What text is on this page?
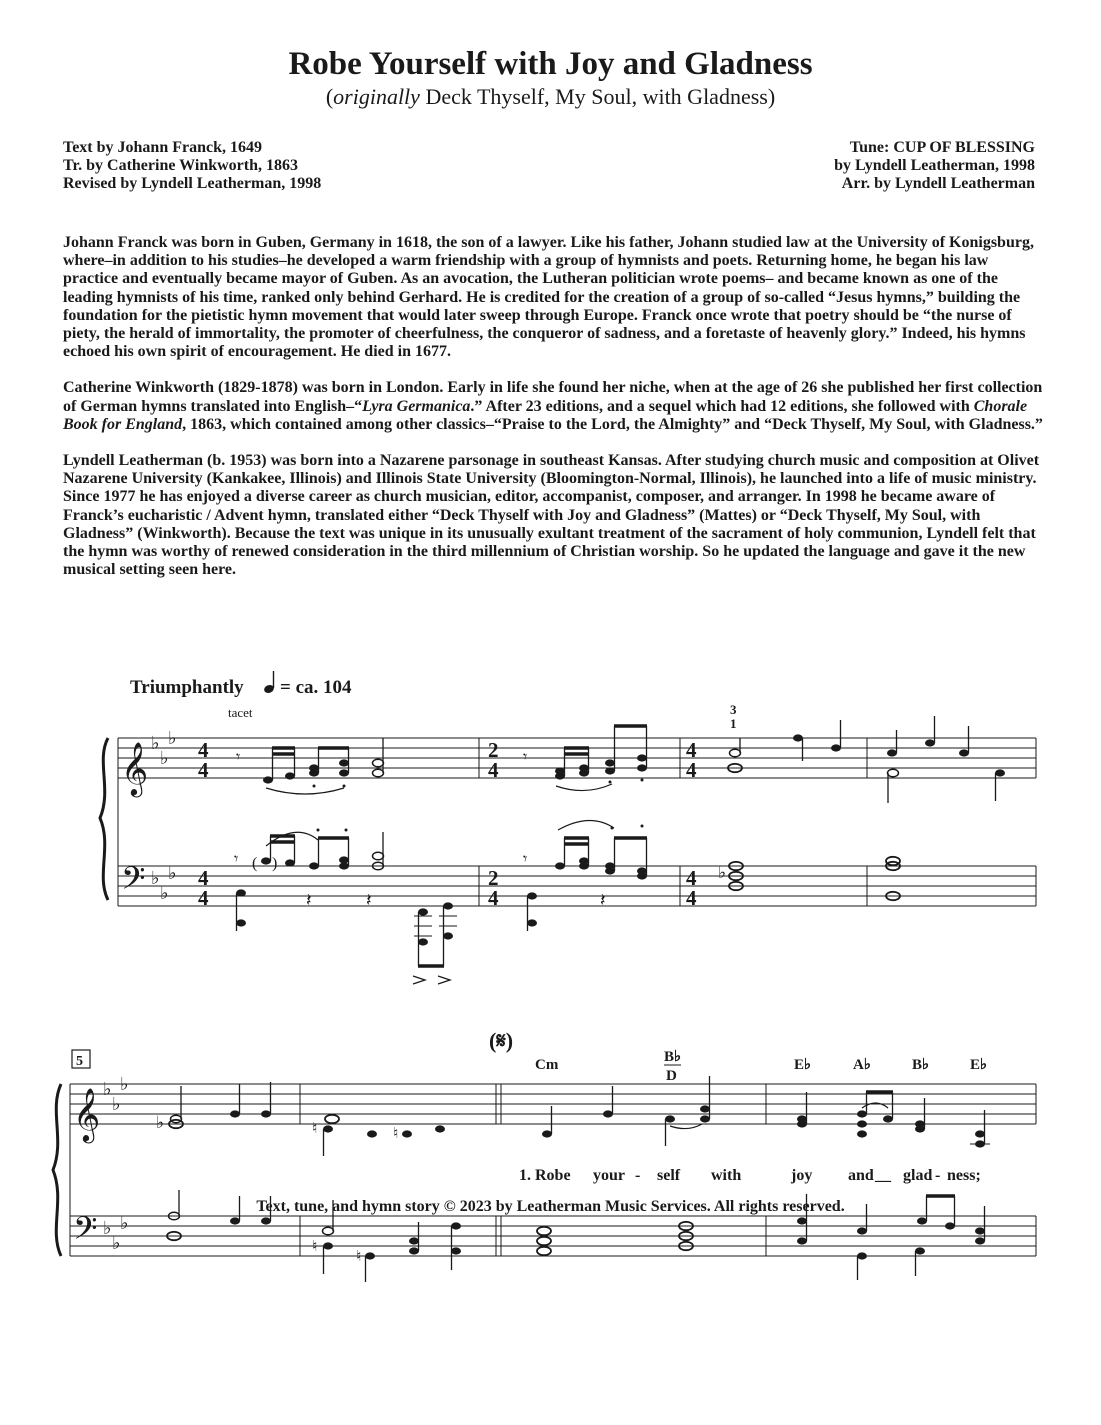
Robe Yourself with Joy and Gladness
(originally Deck Thyself, My Soul, with Gladness)
Text by Johann Franck, 1649
Tr. by Catherine Winkworth, 1863
Revised by Lyndell Leatherman, 1998
Tune: CUP OF BLESSING
by Lyndell Leatherman, 1998
Arr. by Lyndell Leatherman

Johann Franck was born in Guben, Germany in 1618, the son of a lawyer. Like his father, Johann studied law at the University of Konigsburg, where–in addition to his studies–he developed a warm friendship with a group of hymnists and poets. Returning home, he began his law practice and eventually became mayor of Guben. As an avocation, the Lutheran politician wrote poems– and became known as one of the leading hymnists of his time, ranked only behind Gerhard. He is credited for the creation of a group of so-called “Jesus hymns,” building the foundation for the pietistic hymn movement that would later sweep through Europe. Franck once wrote that poetry should be “the nurse of piety, the herald of immortality, the promoter of cheerfulness, the conqueror of sadness, and a foretaste of heavenly glory.” Indeed, his hymns echoed his own spirit of encouragement. He died in 1677.

Catherine Winkworth (1829-1878) was born in London. Early in life she found her niche, when at the age of 26 she published her first collection of German hymns translated into English–“Lyra Germanica.” After 23 editions, and a sequel which had 12 editions, she followed with Chorale Book for England, 1863, which contained among other classics–“Praise to the Lord, the Almighty” and “Deck Thyself, My Soul, with Gladness.”

Lyndell Leatherman (b. 1953) was born into a Nazarene parsonage in southeast Kansas. After studying church music and composition at Olivet Nazarene University (Kankakee, Illinois) and Illinois State University (Bloomington-Normal, Illinois), he launched into a life of music ministry. Since 1977 he has enjoyed a diverse career as church musician, editor, accompanist, composer, and arranger. In 1998 he became aware of Franck’s eucharistic / Advent hymn, translated either “Deck Thyself with Joy and Gladness” (Mattes) or “Deck Thyself, My Soul, with Gladness” (Winkworth). Because the text was unique in its unusually exultant treatment of the sacrament of holy communion, Lyndell felt that the hymn was worthy of renewed consideration in the third millennium of Christian worship. So he updated the language and gave it the new musical setting seen here.

Triumphantly = ca. 104
tacet
𝄞
𝄢
♭
♭
♭
♭
♭
♭
4
4
4
4
2
4
2
4
4
4
4
4
𝄾
𝄾 ( )
𝄽	𝄽
𝄾
𝄾
𝄽
3
1
♭
5
𝄞
𝄢
♭
♭
♭
♭
♭
♭
(𝄋)
Cm	B♭
D
E♭	A♭	B♭	E♭
♭	♮	♮
♮
♮
1. Robe your - self with	joy and __ glad - ness;
Text, tune, and hymn story © 2023 by Leatherman Music Services. All rights reserved.
